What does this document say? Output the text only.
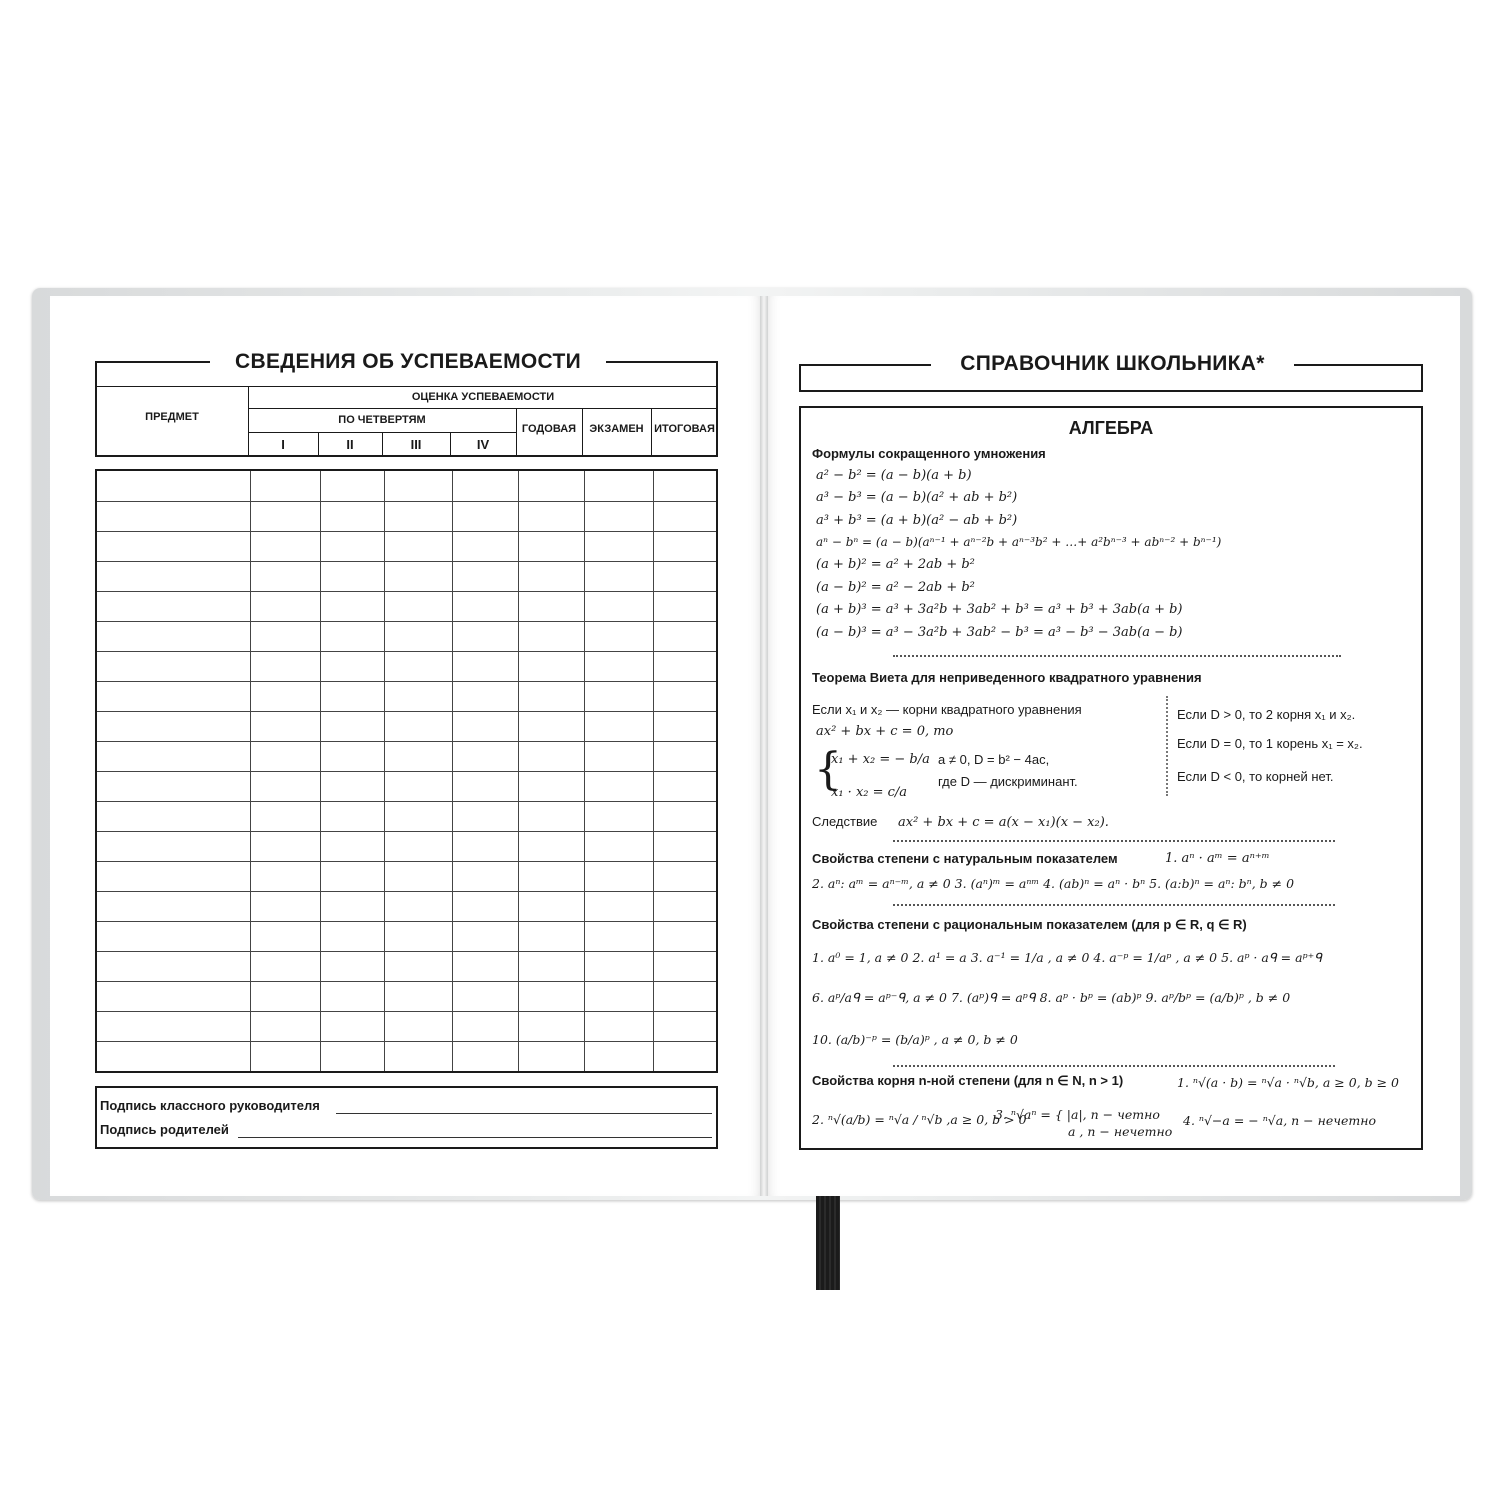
СВЕДЕНИЯ ОБ УСПЕВАЕМОСТИ
ПРЕДМЕТ
ОЦЕНКА УСПЕВАЕМОСТИ
ПО ЧЕТВЕРТЯМ
I	II	III	IV
ГОДОВАЯ	ЭКЗАМЕН ИТОГОВАЯ
Подпись классного руководителя
Подпись родителей
СПРАВОЧНИК ШКОЛЬНИКА*
АЛГЕБРА
Формулы сокращенного умножения
a² − b² = (a − b)(a + b)
a³ − b³ = (a − b)(a² + ab + b²)
a³ + b³ = (a + b)(a² − ab + b²)
aⁿ − bⁿ = (a − b)(aⁿ⁻¹ + aⁿ⁻²b + aⁿ⁻³b² + …+ a²bⁿ⁻³ + abⁿ⁻² + bⁿ⁻¹)
(a + b)² = a² + 2ab + b²
(a − b)² = a² − 2ab + b²
(a + b)³ = a³ + 3a²b + 3ab² + b³ = a³ + b³ + 3ab(a + b)
(a − b)³ = a³ − 3a²b + 3ab² − b³ = a³ − b³ − 3ab(a − b)
Теорема Виета для неприведенного квадратного уравнения
Если x₁ и x₂ — корни квадратного уравнения
ax² + bx + c = 0, то
{
x₁ + x₂ = − b/a
x₁ · x₂ = c/a
a ≠ 0, D = b² − 4ac,
где D — дискриминант.
Если D > 0, то 2 корня x₁ и x₂.
Если D = 0, то 1 корень x₁ = x₂.
Если D < 0, то корней нет.
Следствие ax² + bx + c = a(x − x₁)(x − x₂).
Свойства степени с натуральным показателем	1. aⁿ · aᵐ = aⁿ⁺ᵐ
2. aⁿ: aᵐ = aⁿ⁻ᵐ, a ≠ 0 3. (aⁿ)ᵐ = aⁿᵐ 4. (ab)ⁿ = aⁿ · bⁿ 5. (a:b)ⁿ = aⁿ: bⁿ, b ≠ 0
Свойства степени с рациональным показателем (для p ∈ R, q ∈ R)
1. a⁰ = 1, a ≠ 0 2. a¹ = a 3. a⁻¹ = 1/a , a ≠ 0 4. a⁻ᵖ = 1/aᵖ , a ≠ 0 5. aᵖ · aᑫ = aᵖ⁺ᑫ
6. aᵖ/aᑫ = aᵖ⁻ᑫ, a ≠ 0 7. (aᵖ)ᑫ = aᵖᑫ 8. aᵖ · bᵖ = (ab)ᵖ 9. aᵖ/bᵖ = (a/b)ᵖ , b ≠ 0
10. (a/b)⁻ᵖ = (b/a)ᵖ , a ≠ 0, b ≠ 0
Свойства корня n-ной степени (для n ∈ N, n > 1)	1. ⁿ√(a · b) = ⁿ√a · ⁿ√b, a ≥ 0, b ≥ 0
2. ⁿ√(a/b) = ⁿ√a / ⁿ√b ,a ≥ 0, b > 0
3. ⁿ√aⁿ = { |a|, n − четно
a , n − нечетно
4. ⁿ√−a = − ⁿ√a, n − нечетно
